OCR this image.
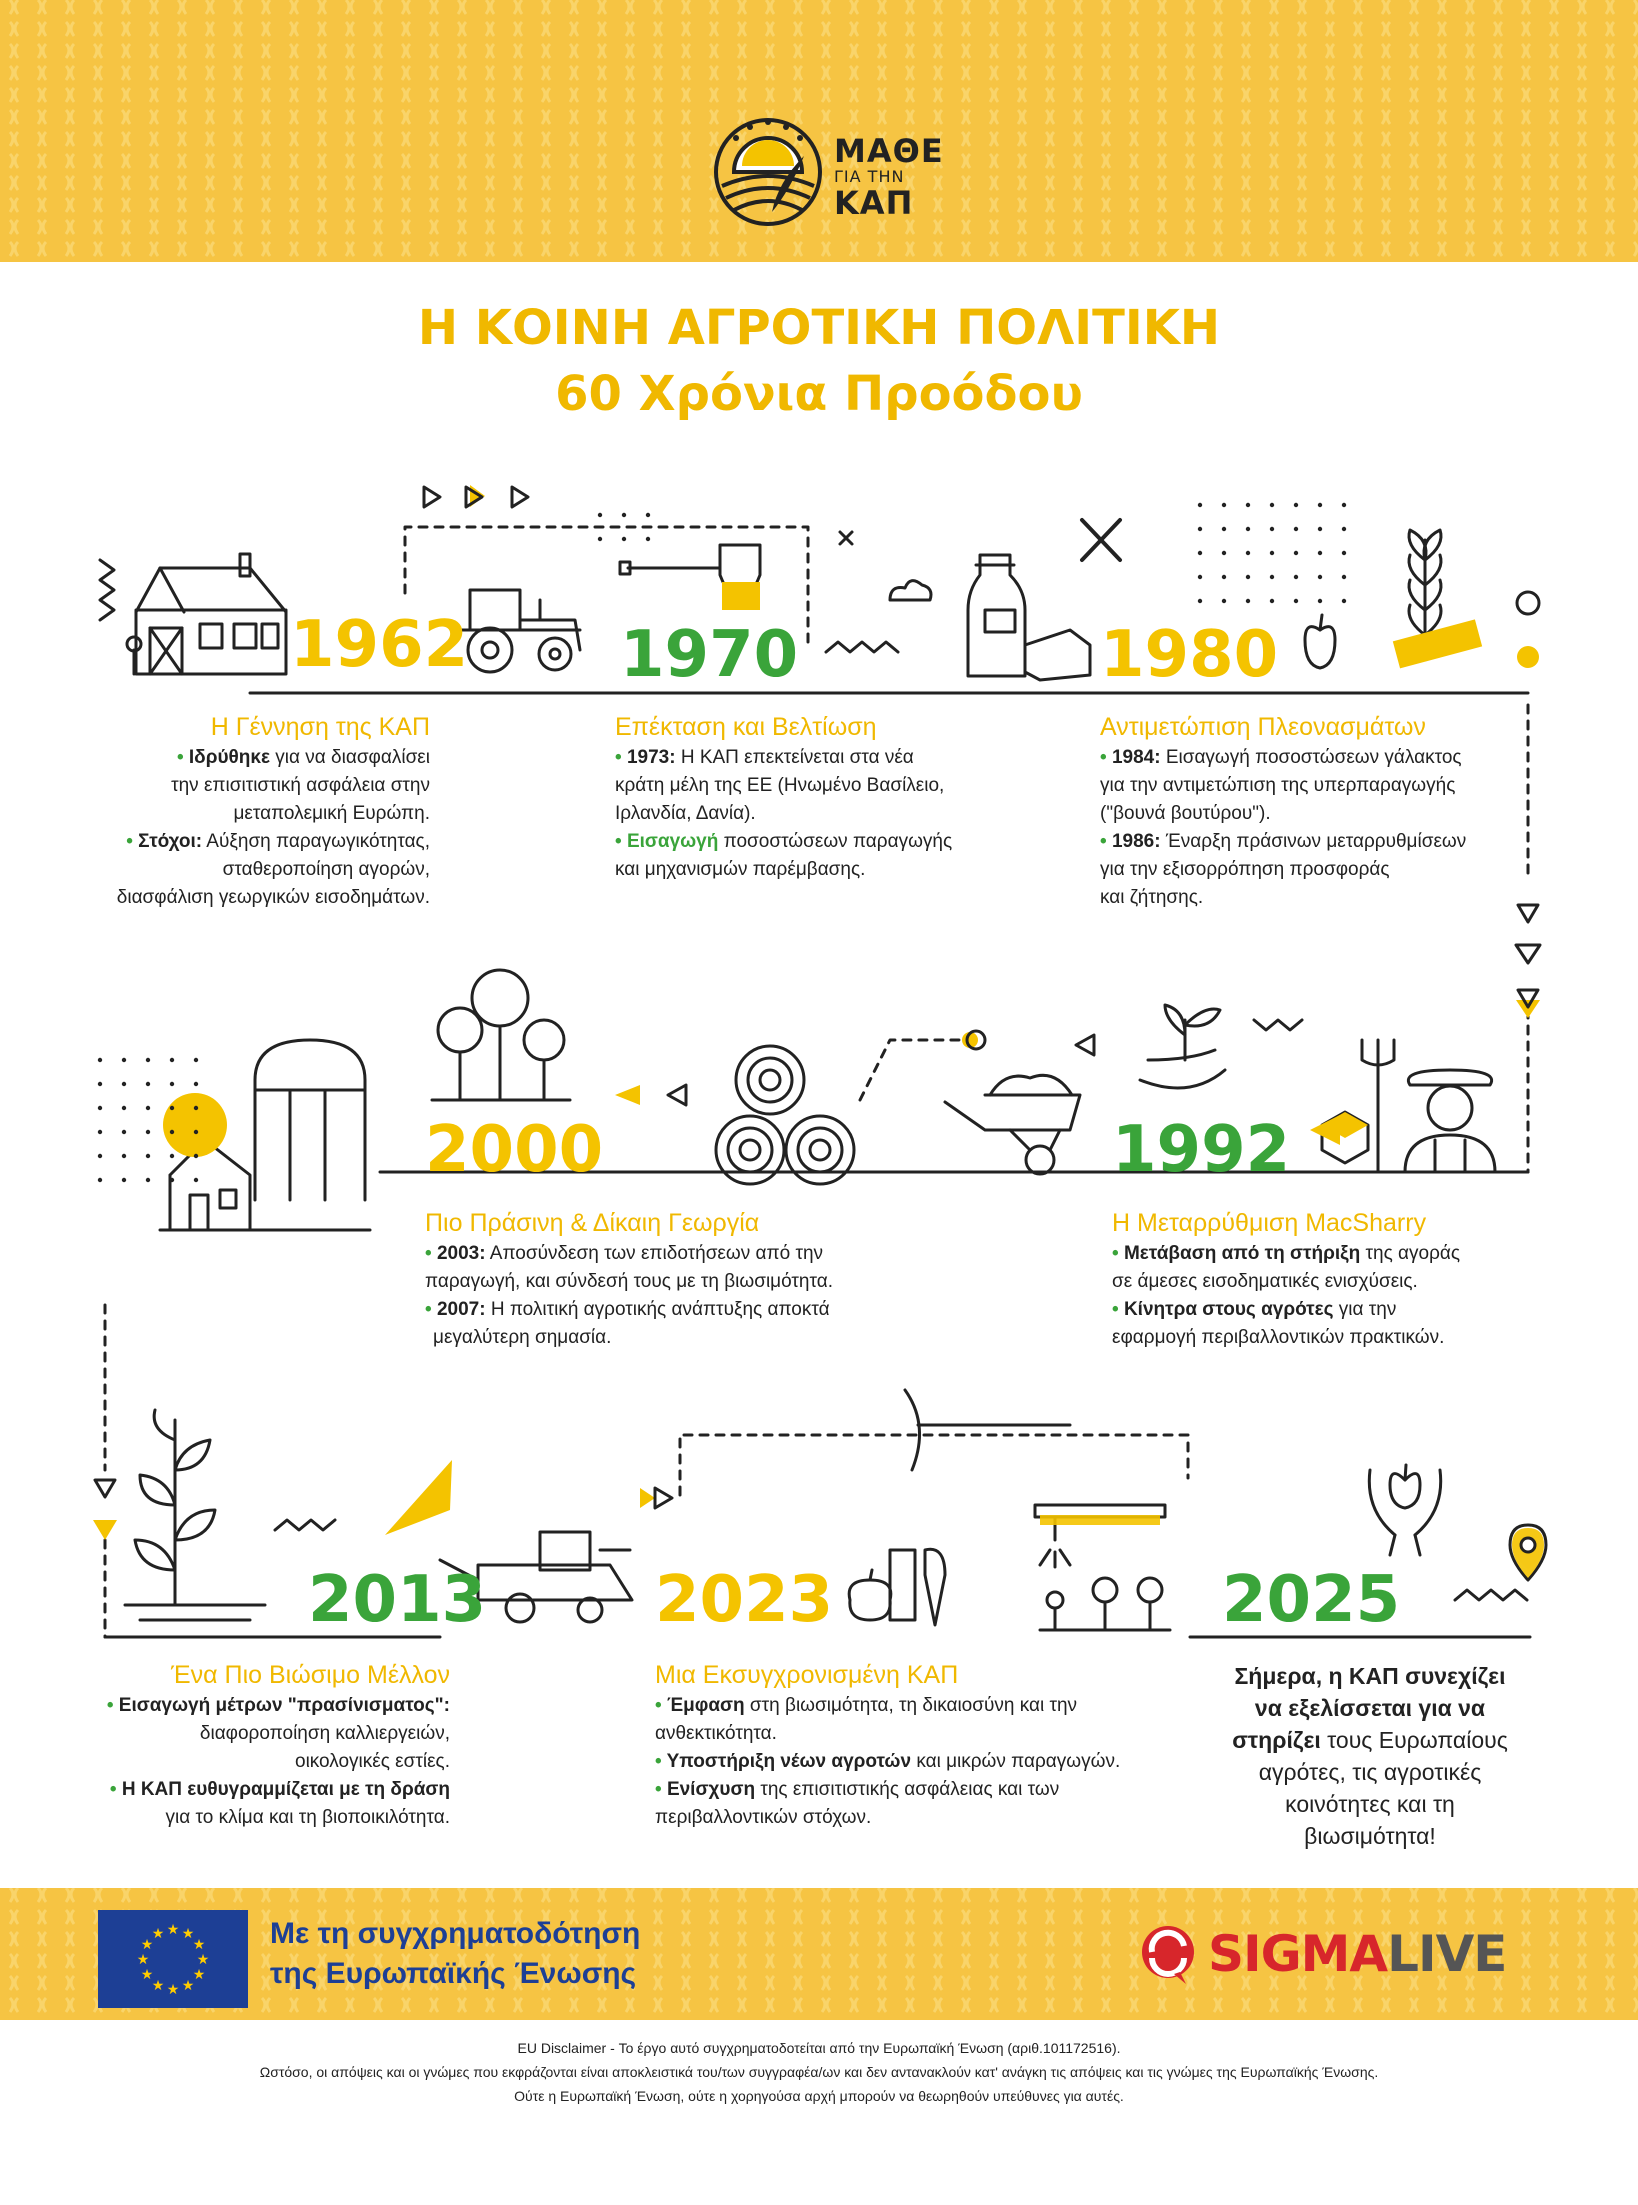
ΜΑΘΕ
ΓΙΑ ΤΗΝ
ΚΑΠ
Η ΚΟΙΝΗ ΑΓΡΟΤΙΚΗ ΠΟΛΙΤΙΚΗ
60 Χρόνια Προόδου
1962 1970	1980
1992
2000
2013	2023	2025
Η Γέννηση της ΚΑΠ
• Ιδρύθηκε για να διασφαλίσει
την επισιτιστική ασφάλεια στην
μεταπολεμική Ευρώπη.
• Στόχοι: Αύξηση παραγωγικότητας,
σταθεροποίηση αγορών,
διασφάλιση γεωργικών εισοδημάτων.
Επέκταση και Βελτίωση
• 1973: Η ΚΑΠ επεκτείνεται στα νέα
κράτη μέλη της ΕΕ (Ηνωμένο Βασίλειο,
Ιρλανδία, Δανία).
• Εισαγωγή ποσοστώσεων παραγωγής
και μηχανισμών παρέμβασης.
Αντιμετώπιση Πλεονασμάτων
• 1984: Εισαγωγή ποσοστώσεων γάλακτος
για την αντιμετώπιση της υπερπαραγωγής
("βουνά βουτύρου").
• 1986: Έναρξη πράσινων μεταρρυθμίσεων
για την εξισορρόπηση προσφοράς
και ζήτησης.
Η Μεταρρύθμιση MacSharry
• Μετάβαση από τη στήριξη της αγοράς
σε άμεσες εισοδηματικές ενισχύσεις.
• Κίνητρα στους αγρότες για την
εφαρμογή περιβαλλοντικών πρακτικών.
Πιο Πράσινη & Δίκαιη Γεωργία
• 2003: Αποσύνδεση των επιδοτήσεων από την
παραγωγή, και σύνδεσή τους με τη βιωσιμότητα.
• 2007: Η πολιτική αγροτικής ανάπτυξης αποκτά
μεγαλύτερη σημασία.
Ένα Πιο Βιώσιμο Μέλλον
• Εισαγωγή μέτρων "πρασίνισματος":
διαφοροποίηση καλλιεργειών,
οικολογικές εστίες.
• Η ΚΑΠ ευθυγραμμίζεται με τη δράση
για το κλίμα και τη βιοποικιλότητα.
Μια Εκσυγχρονισμένη ΚΑΠ
• Έμφαση στη βιωσιμότητα, τη δικαιοσύνη και την
ανθεκτικότητα.
• Υποστήριξη νέων αγροτών και μικρών παραγωγών.
• Ενίσχυση της επισιτιστικής ασφάλειας και των
περιβαλλοντικών στόχων.
Σήμερα, η ΚΑΠ συνεχίζει
να εξελίσσεται για να
στηρίζει τους Ευρωπαίους
αγρότες, τις αγροτικές
κοινότητες και τη
βιωσιμότητα!
★ ★
★
★
★
★
★
★
★
★
★
★	Με τη συγχρηματοδότηση
της Ευρωπαϊκής Ένωσης	SIGMALIVE
EU Disclaimer - Το έργο αυτό συγχρηματοδοτείται από την Ευρωπαϊκή Ένωση (αριθ.101172516).
Ωστόσο, οι απόψεις και οι γνώμες που εκφράζονται είναι αποκλειστικά του/των συγγραφέα/ων και δεν αντανακλούν κατ' ανάγκη τις απόψεις και τις γνώμες της Ευρωπαϊκής Ένωσης.
Ούτε η Ευρωπαϊκή Ένωση, ούτε η χορηγούσα αρχή μπορούν να θεωρηθούν υπεύθυνες για αυτές.
